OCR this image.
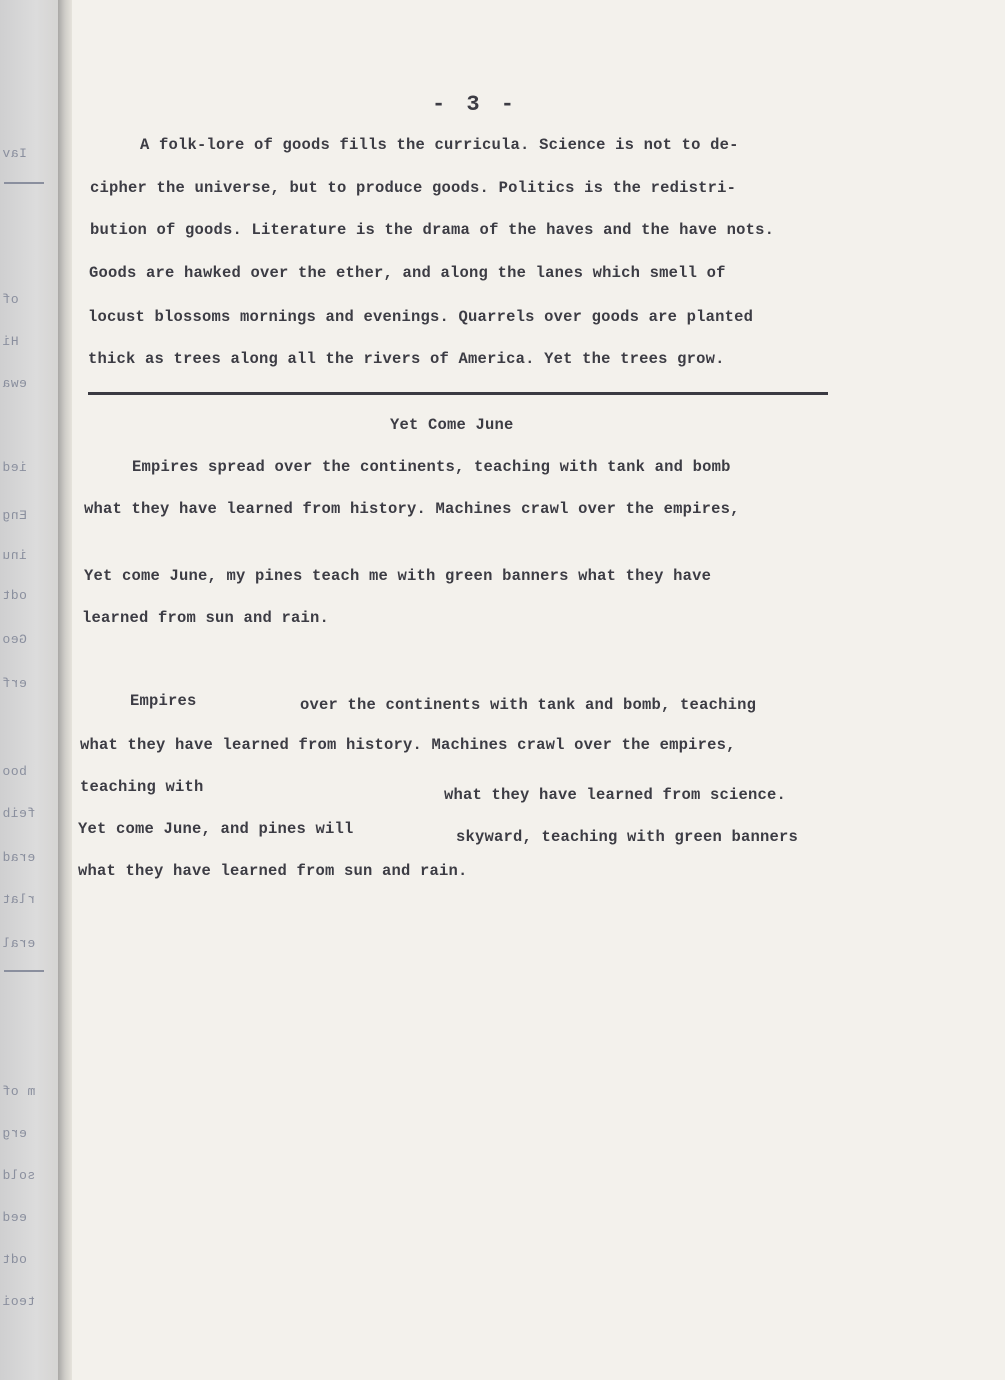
Iav
of
Hi
ewa
ied
Eng
inu
odt
Geo
erf
boo
feib
erad
rlat
eral
m of
erg
sold
eed
odt
teoi
- 3 -
A folk-lore of goods fills the curricula. Science is not to de-
cipher the universe, but to produce goods. Politics is the redistri-
bution of goods. Literature is the drama of the haves and the have nots.
Goods are hawked over the ether, and along the lanes which smell of
locust blossoms mornings and evenings. Quarrels over goods are planted
thick as trees along all the rivers of America. Yet the trees grow.
Yet Come June
Empires spread over the continents, teaching with tank and bomb
what they have learned from history. Machines crawl over the empires,
Yet come June, my pines teach me with green banners what they have
learned from sun and rain.
Empires	over the continents with tank and bomb, teaching
what they have learned from history. Machines crawl over the empires,
teaching with	what they have learned from science.
Yet come June, and pines will	skyward, teaching with green banners
what they have learned from sun and rain.
